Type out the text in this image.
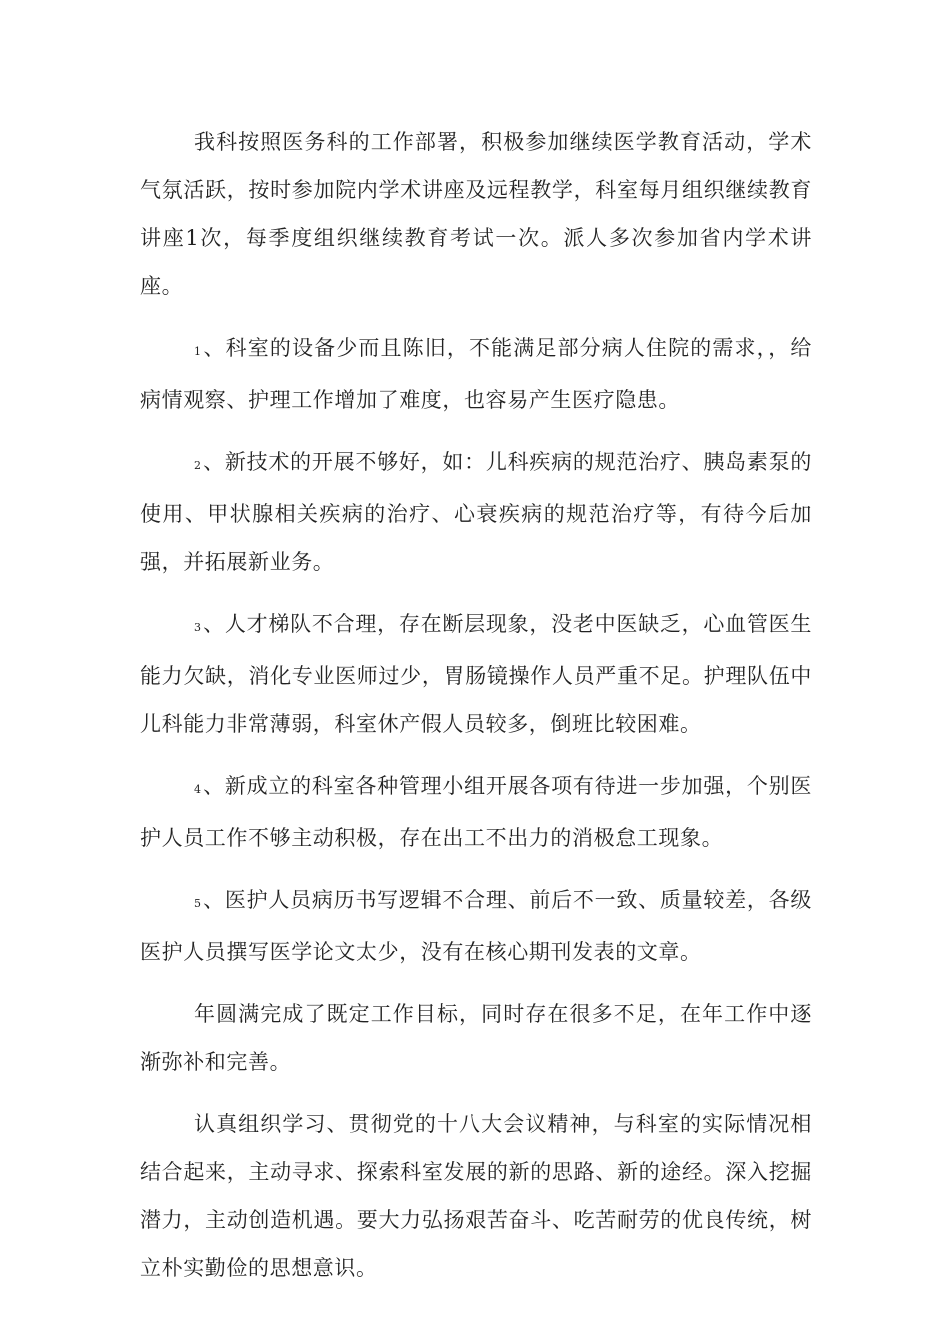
我科按照医务科的工作部署，积极参加继续医学教育活动，学术气氛活跃，按时参加院内学术讲座及远程教学，科室每月组织继续教育讲座1次，每季度组织继续教育考试一次。派人多次参加省内学术讲座。

1、科室的设备少而且陈旧，不能满足部分病人住院的需求，，给病情观察、护理工作增加了难度，也容易产生医疗隐患。

2、新技术的开展不够好，如：儿科疾病的规范治疗、胰岛素泵的使用、甲状腺相关疾病的治疗、心衰疾病的规范治疗等，有待今后加强，并拓展新业务。

3、人才梯队不合理，存在断层现象，没老中医缺乏，心血管医生能力欠缺，消化专业医师过少，胃肠镜操作人员严重不足。护理队伍中儿科能力非常薄弱，科室休产假人员较多，倒班比较困难。

4、新成立的科室各种管理小组开展各项有待进一步加强，个别医护人员工作不够主动积极，存在出工不出力的消极怠工现象。

5、医护人员病历书写逻辑不合理、前后不一致、质量较差，各级医护人员撰写医学论文太少，没有在核心期刊发表的文章。

年圆满完成了既定工作目标，同时存在很多不足，在年工作中逐渐弥补和完善。

认真组织学习、贯彻党的十八大会议精神，与科室的实际情况相结合起来，主动寻求、探索科室发展的新的思路、新的途经。深入挖掘潜力，主动创造机遇。要大力弘扬艰苦奋斗、吃苦耐劳的优良传统，树立朴实勤俭的思想意识。
